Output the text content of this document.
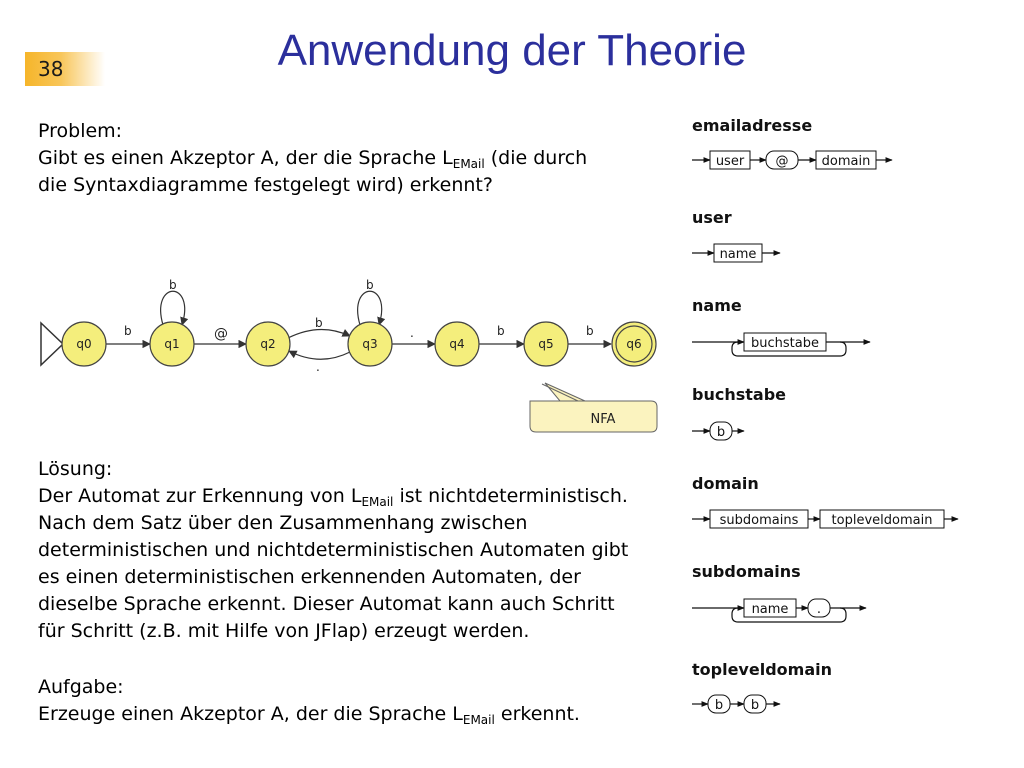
38	Anwendung der Theorie
Problem:
Gibt es einen Akzeptor A, der die Sprache $L_{EMail}$ (die durch
die Syntaxdiagramme festgelegt wird) erkennt?
b
b
@
b
.
b
.	b	b
q0	q1	q2	q3	q4	q5	q6
NFA
Lösung:
Der Automat zur Erkennung von $L_{EMail}$ ist nichtdeterministisch.
Nach dem Satz über den Zusammenhang zwischen
deterministischen und nichtdeterministischen Automaten gibt
es einen deterministischen erkennenden Automaten, der
dieselbe Sprache erkennt. Dieser Automat kann auch Schritt
für Schritt (z.B. mit Hilfe von JFlap) erzeugt werden.
Aufgabe:
Erzeuge einen Akzeptor A, der die Sprache $L_{EMail}$ erkennt.
emailadresse
user
name
buchstabe
domain
subdomains
topleveldomain
user @	domain
name
buchstabe
b
subdomains	topleveldomain
name .
b b
